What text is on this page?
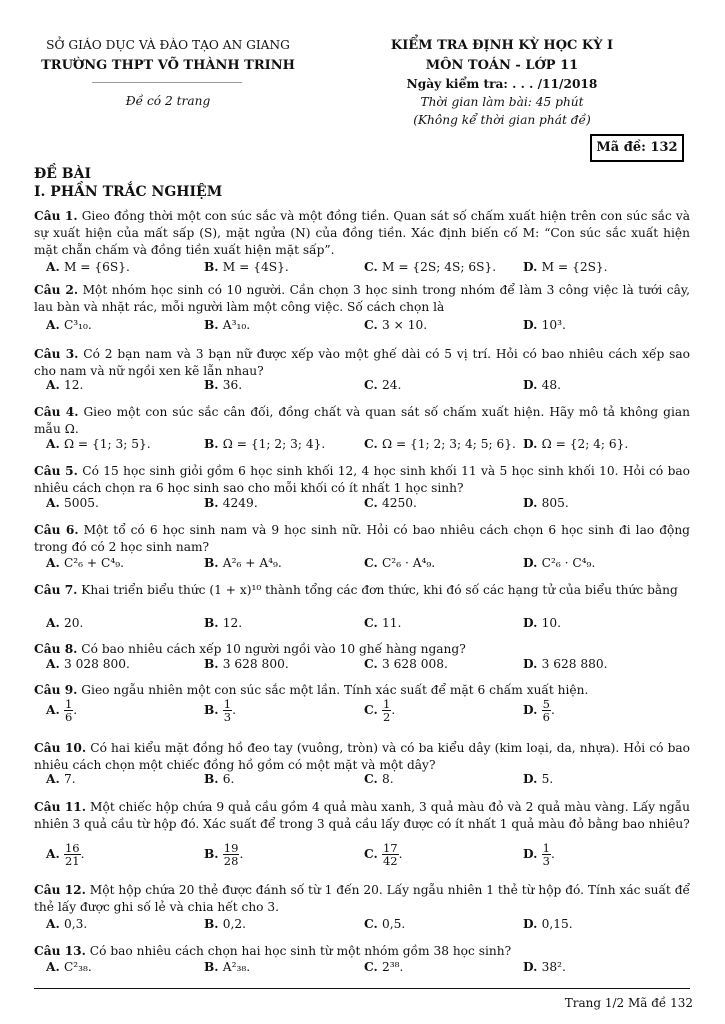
SỞ GIÁO DỤC VÀ ĐÀO TẠO AN GIANG
TRƯỜNG THPT VÕ THÀNH TRINH
Đề có 2 trang
KIỂM TRA ĐỊNH KỲ HỌC KỲ I
MÔN TOÁN - LỚP 11
Ngày kiểm tra: . . . /11/2018
Thời gian làm bài: 45 phút
(Không kể thời gian phát đề)
Mã đề: 132
ĐỀ BÀI
I. PHẦN TRẮC NGHIỆM
Câu 1. Gieo đồng thời một con súc sắc và một đồng tiền. Quan sát số chấm xuất hiện trên con súc sắc và sự xuất hiện của mất sấp (S), mặt ngửa (N) của đồng tiền. Xác định biến cố M: “Con súc sắc xuất hiện mặt chẵn chấm và đồng tiền xuất hiện mặt sấp”.
A. M = {6S}.	B. M = {4S}.	C. M = {2S; 4S; 6S}. D. M = {2S}.
Câu 2. Một nhóm học sinh có 10 người. Cần chọn 3 học sinh trong nhóm để làm 3 công việc là tưới cây, lau bàn và nhặt rác, mỗi người làm một công việc. Số cách chọn là
A. C³₁₀.	B. A³₁₀.	C. 3 × 10.	D. 10³.
Câu 3. Có 2 bạn nam và 3 bạn nữ được xếp vào một ghế dài có 5 vị trí. Hỏi có bao nhiêu cách xếp sao cho nam và nữ ngồi xen kẽ lẫn nhau?
A. 12.	B. 36.	C. 24.	D. 48.
Câu 4. Gieo một con súc sắc cân đối, đồng chất và quan sát số chấm xuất hiện. Hãy mô tả không gian mẫu Ω.
A. Ω = {1; 3; 5}.	B. Ω = {1; 2; 3; 4}.	C. Ω = {1; 2; 3; 4; 5; 6}. D. Ω = {2; 4; 6}.
Câu 5. Có 15 học sinh giỏi gồm 6 học sinh khối 12, 4 học sinh khối 11 và 5 học sinh khối 10. Hỏi có bao nhiêu cách chọn ra 6 học sinh sao cho mỗi khối có ít nhất 1 học sinh?
A. 5005.	B. 4249.	C. 4250.	D. 805.
Câu 6. Một tổ có 6 học sinh nam và 9 học sinh nữ. Hỏi có bao nhiêu cách chọn 6 học sinh đi lao động trong đó có 2 học sinh nam?
A. C²₆ + C⁴₉.	B. A²₆ + A⁴₉.	C. C²₆ · A⁴₉.	D. C²₆ · C⁴₉.
Câu 7. Khai triển biểu thức (1 + x)¹⁰ thành tổng các đơn thức, khi đó số các hạng tử của biểu thức bằng
A. 20.	B. 12.	C. 11.	D. 10.
Câu 8. Có bao nhiêu cách xếp 10 người ngồi vào 10 ghế hàng ngang?
A. 3 028 800.	B. 3 628 800.	C. 3 628 008.	D. 3 628 880.
Câu 9. Gieo ngẫu nhiên một con súc sắc một lần. Tính xác suất để mặt 6 chấm xuất hiện.
A. $\frac{1}{6}$ .	B. $\frac{1}{3}$ .	C. $\frac{1}{2}$ .	D. $\frac{5}{6}$ .
Câu 10. Có hai kiểu mặt đồng hồ đeo tay (vuông, tròn) và có ba kiểu dây (kim loại, da, nhựa). Hỏi có bao nhiêu cách chọn một chiếc đồng hồ gồm có một mặt và một dây?
A. 7.	B. 6.	C. 8.	D. 5.
Câu 11. Một chiếc hộp chứa 9 quả cầu gồm 4 quả màu xanh, 3 quả màu đỏ và 2 quả màu vàng. Lấy ngẫu nhiên 3 quả cầu từ hộp đó. Xác suất để trong 3 quả cầu lấy được có ít nhất 1 quả màu đỏ bằng bao nhiêu?
A. $\frac{16}{21}$ .	B. $\frac{19}{28}$ .	C. $\frac{17}{42}$ .	D. $\frac{1}{3}$ .
Câu 12. Một hộp chứa 20 thẻ được đánh số từ 1 đến 20. Lấy ngẫu nhiên 1 thẻ từ hộp đó. Tính xác suất để thẻ lấy được ghi số lẻ và chia hết cho 3.
A. 0,3.	B. 0,2.	C. 0,5.	D. 0,15.
Câu 13. Có bao nhiêu cách chọn hai học sinh từ một nhóm gồm 38 học sinh?
A. C²₃₈.	B. A²₃₈.	C. 2³⁸.	D. 38².
Trang 1/2 Mã đề 132
